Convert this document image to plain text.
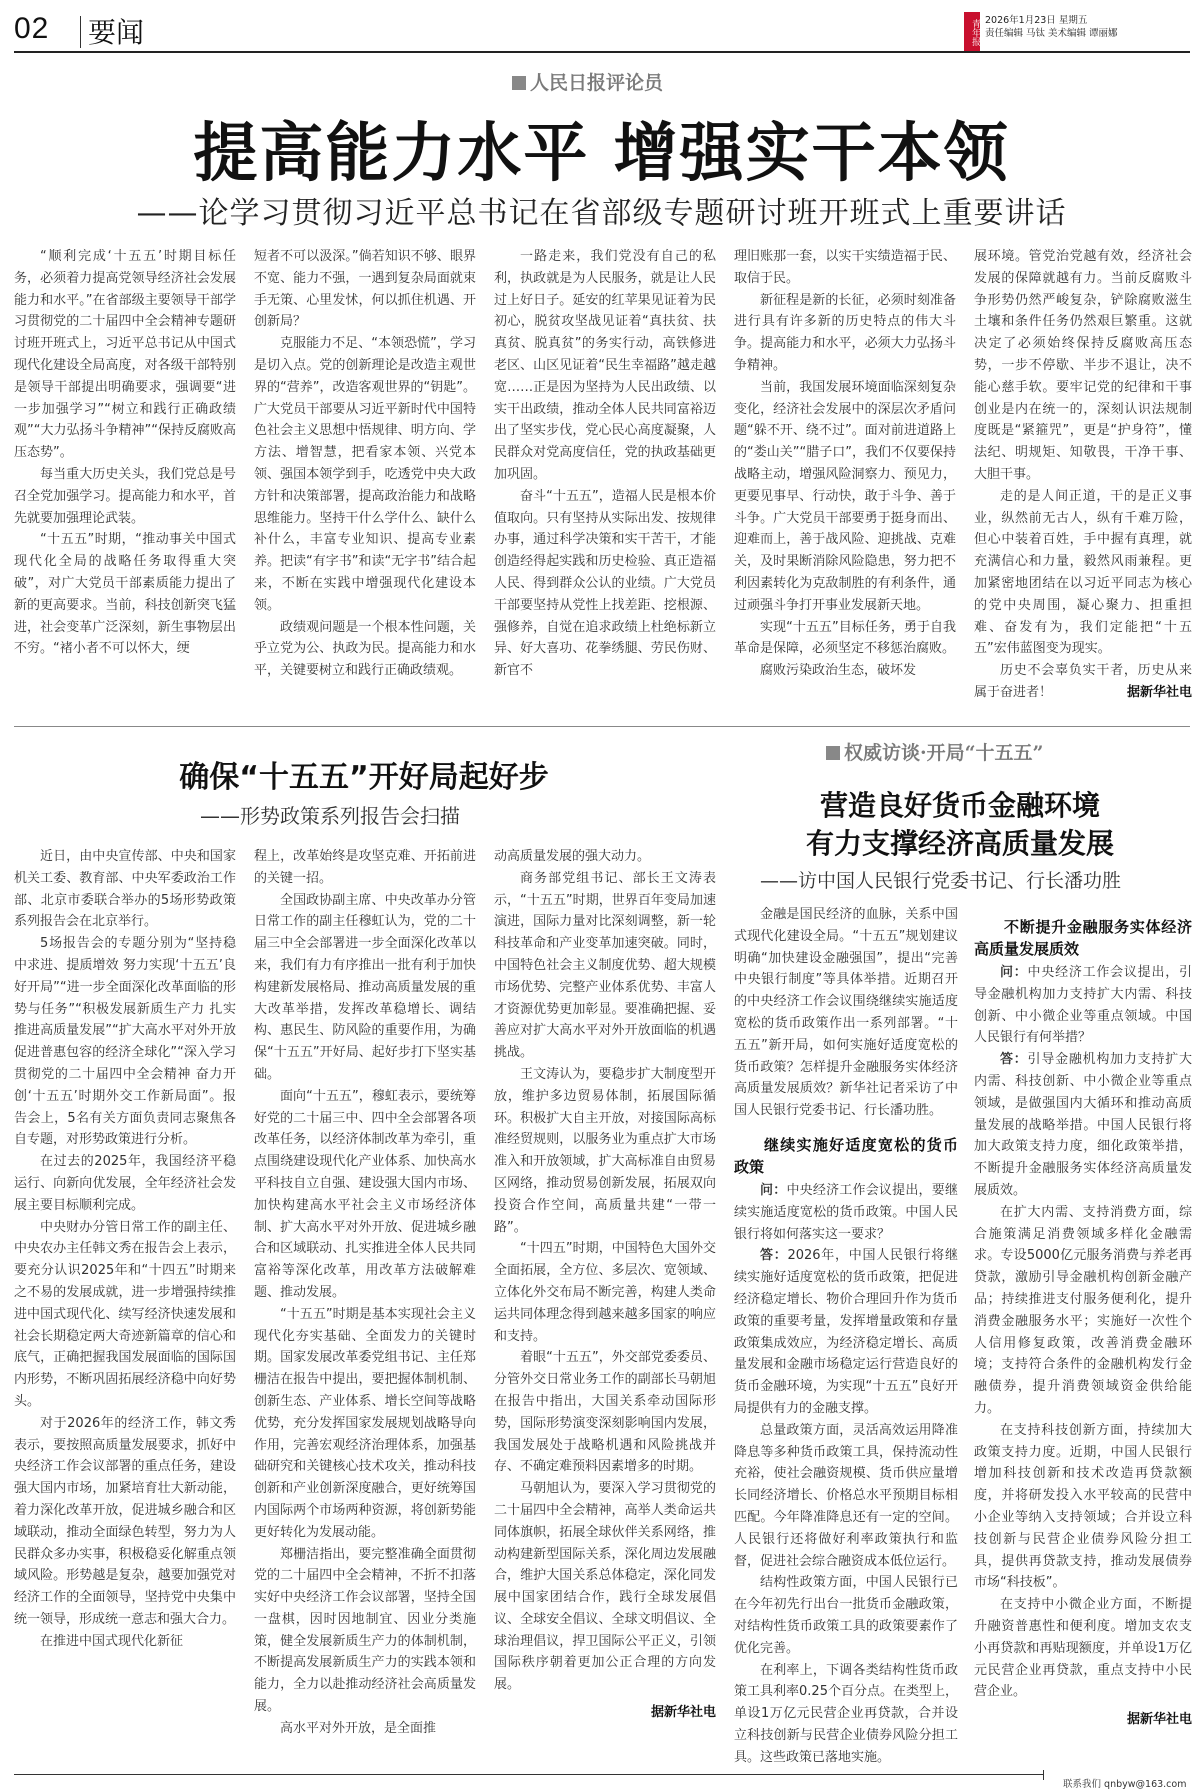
02 要闻	青年报 2026年1月23日 星期五
责任编辑 马钛 美术编辑 谭丽娜
人民日报评论员
提高能力水平 增强实干本领
——论学习贯彻习近平总书记在省部级专题研讨班开班式上重要讲话

“顺利完成‘十五五’时期目标任务，必须着力提高党领导经济社会发展能力和水平。”在省部级主要领导干部学习贯彻党的二十届四中全会精神专题研讨班开班式上，习近平总书记从中国式现代化建设全局高度，对各级干部特别是领导干部提出明确要求，强调要“进一步加强学习”“树立和践行正确政绩观”“大力弘扬斗争精神”“保持反腐败高压态势”。

每当重大历史关头，我们党总是号召全党加强学习。提高能力和水平，首先就要加强理论武装。

“十五五”时期，“推动事关中国式现代化全局的战略任务取得重大突破”，对广大党员干部素质能力提出了新的更高要求。当前，科技创新突飞猛进，社会变革广泛深刻，新生事物层出不穷。“褚小者不可以怀大，绠

短者不可以汲深。”倘若知识不够、眼界不宽、能力不强，一遇到复杂局面就束手无策、心里发怵，何以抓住机遇、开创新局？

克服能力不足、“本领恐慌”，学习是切入点。党的创新理论是改造主观世界的“营养”，改造客观世界的“钥匙”。广大党员干部要从习近平新时代中国特色社会主义思想中悟规律、明方向、学方法、增智慧，把看家本领、兴党本领、强国本领学到手，吃透党中央大政方针和决策部署，提高政治能力和战略思维能力。坚持干什么学什么、缺什么补什么，丰富专业知识、提高专业素养。把读“有字书”和读“无字书”结合起来，不断在实践中增强现代化建设本领。

政绩观问题是一个根本性问题，关乎立党为公、执政为民。提高能力和水平，关键要树立和践行正确政绩观。

一路走来，我们党没有自己的私利，执政就是为人民服务，就是让人民过上好日子。延安的红苹果见证着为民初心，脱贫攻坚战见证着“真扶贫、扶真贫、脱真贫”的务实行动，高铁修进老区、山区见证着“民生幸福路”越走越宽……正是因为坚持为人民出政绩、以实干出政绩，推动全体人民共同富裕迈出了坚实步伐，党心民心高度凝聚，人民群众对党高度信任，党的执政基础更加巩固。

奋斗“十五五”，造福人民是根本价值取向。只有坚持从实际出发、按规律办事，通过科学决策和实干苦干，才能创造经得起实践和历史检验、真正造福人民、得到群众公认的业绩。广大党员干部要坚持从党性上找差距、挖根源、强修养，自觉在追求政绩上杜绝标新立异、好大喜功、花拳绣腿、劳民伤财、新官不

理旧账那一套，以实干实绩造福于民、取信于民。

新征程是新的长征，必须时刻准备进行具有许多新的历史特点的伟大斗争。提高能力和水平，必须大力弘扬斗争精神。

当前，我国发展环境面临深刻复杂变化，经济社会发展中的深层次矛盾问题“躲不开、绕不过”。面对前进道路上的“娄山关”“腊子口”，我们不仅要保持战略主动，增强风险洞察力、预见力，更要见事早、行动快，敢于斗争、善于斗争。广大党员干部要勇于挺身而出、迎难而上，善于战风险、迎挑战、克难关，及时果断消除风险隐患，努力把不利因素转化为克敌制胜的有利条件，通过顽强斗争打开事业发展新天地。

实现“十五五”目标任务，勇于自我革命是保障，必须坚定不移惩治腐败。

腐败污染政治生态，破坏发

展环境。管党治党越有效，经济社会发展的保障就越有力。当前反腐败斗争形势仍然严峻复杂，铲除腐败滋生土壤和条件任务仍然艰巨繁重。这就决定了必须始终保持反腐败高压态势，一步不停歇、半步不退让，决不能心慈手软。要牢记党的纪律和干事创业是内在统一的，深刻认识法规制度既是“紧箍咒”，更是“护身符”，懂法纪、明规矩、知敬畏，干净干事、大胆干事。

走的是人间正道，干的是正义事业，纵然前无古人，纵有千难万险，但心中装着百姓，手中握有真理，就充满信心和力量，毅然风雨兼程。更加紧密地团结在以习近平同志为核心的党中央周围，凝心聚力、担重担难、奋发有为，我们定能把“十五五”宏伟蓝图变为现实。

历史不会辜负实干者，历史从来属于奋进者！	据新华社电

确保“十五五”开好局起好步
——形势政策系列报告会扫描

近日，由中央宣传部、中央和国家机关工委、教育部、中央军委政治工作部、北京市委联合举办的5场形势政策系列报告会在北京举行。

5场报告会的专题分别为“坚持稳中求进、提质增效 努力实现‘十五五’良好开局”“进一步全面深化改革面临的形势与任务”“积极发展新质生产力 扎实推进高质量发展”“扩大高水平对外开放 促进普惠包容的经济全球化”“深入学习贯彻党的二十届四中全会精神 奋力开创‘十五五’时期外交工作新局面”。报告会上，5名有关方面负责同志聚焦各自专题，对形势政策进行分析。

在过去的2025年，我国经济平稳运行、向新向优发展，全年经济社会发展主要目标顺利完成。

中央财办分管日常工作的副主任、中央农办主任韩文秀在报告会上表示，要充分认识2025年和“十四五”时期来之不易的发展成就，进一步增强持续推进中国式现代化、续写经济快速发展和社会长期稳定两大奇迹新篇章的信心和底气，正确把握我国发展面临的国际国内形势，不断巩固拓展经济稳中向好势头。

对于2026年的经济工作，韩文秀表示，要按照高质量发展要求，抓好中央经济工作会议部署的重点任务，建设强大国内市场，加紧培育壮大新动能，着力深化改革开放，促进城乡融合和区域联动，推动全面绿色转型，努力为人民群众多办实事，积极稳妥化解重点领域风险。形势越是复杂，越要加强党对经济工作的全面领导，坚持党中央集中统一领导，形成统一意志和强大合力。

在推进中国式现代化新征

程上，改革始终是攻坚克难、开拓前进的关键一招。

全国政协副主席、中央改革办分管日常工作的副主任穆虹认为，党的二十届三中全会部署进一步全面深化改革以来，我们有力有序推出一批有利于加快构建新发展格局、推动高质量发展的重大改革举措，发挥改革稳增长、调结构、惠民生、防风险的重要作用，为确保“十五五”开好局、起好步打下坚实基础。

面向“十五五”，穆虹表示，要统筹好党的二十届三中、四中全会部署各项改革任务，以经济体制改革为牵引，重点围绕建设现代化产业体系、加快高水平科技自立自强、建设强大国内市场、加快构建高水平社会主义市场经济体制、扩大高水平对外开放、促进城乡融合和区域联动、扎实推进全体人民共同富裕等深化改革，用改革方法破解难题、推动发展。

“十五五”时期是基本实现社会主义现代化夯实基础、全面发力的关键时期。国家发展改革委党组书记、主任郑栅洁在报告中提出，要把握体制机制、创新生态、产业体系、增长空间等战略优势，充分发挥国家发展规划战略导向作用，完善宏观经济治理体系，加强基础研究和关键核心技术攻关，推动科技创新和产业创新深度融合，更好统筹国内国际两个市场两种资源，将创新势能更好转化为发展动能。

郑栅洁指出，要完整准确全面贯彻党的二十届四中全会精神，不折不扣落实好中央经济工作会议部署，坚持全国一盘棋，因时因地制宜、因业分类施策，健全发展新质生产力的体制机制，不断提高发展新质生产力的实践本领和能力，全力以赴推动经济社会高质量发展。

高水平对外开放，是全面推

动高质量发展的强大动力。

商务部党组书记、部长王文涛表示，“十五五”时期，世界百年变局加速演进，国际力量对比深刻调整，新一轮科技革命和产业变革加速突破。同时，中国特色社会主义制度优势、超大规模市场优势、完整产业体系优势、丰富人才资源优势更加彰显。要准确把握、妥善应对扩大高水平对外开放面临的机遇挑战。

王文涛认为，要稳步扩大制度型开放，维护多边贸易体制，拓展国际循环。积极扩大自主开放，对接国际高标准经贸规则，以服务业为重点扩大市场准入和开放领域，扩大高标准自由贸易区网络，推动贸易创新发展，拓展双向投资合作空间，高质量共建“一带一路”。

“十四五”时期，中国特色大国外交全面拓展，全方位、多层次、宽领域、立体化外交布局不断完善，构建人类命运共同体理念得到越来越多国家的响应和支持。

着眼“十五五”，外交部党委委员、分管外交日常业务工作的副部长马朝旭在报告中指出，大国关系牵动国际形势，国际形势演变深刻影响国内发展，我国发展处于战略机遇和风险挑战并存、不确定难预料因素增多的时期。

马朝旭认为，要深入学习贯彻党的二十届四中全会精神，高举人类命运共同体旗帜，拓展全球伙伴关系网络，推动构建新型国际关系，深化周边发展融合，维护大国关系总体稳定，深化同发展中国家团结合作，践行全球发展倡议、全球安全倡议、全球文明倡议、全球治理倡议，捍卫国际公平正义，引领国际秩序朝着更加公正合理的方向发展。

据新华社电
权威访谈·开局“十五五”
营造良好货币金融环境
有力支撑经济高质量发展
——访中国人民银行党委书记、行长潘功胜

金融是国民经济的血脉，关系中国式现代化建设全局。“十五五”规划建议明确“加快建设金融强国”，提出“完善中央银行制度”等具体举措。近期召开的中央经济工作会议围绕继续实施适度宽松的货币政策作出一系列部署。“十五五”新开局，如何实施好适度宽松的货币政策？怎样提升金融服务实体经济高质量发展质效？新华社记者采访了中国人民银行党委书记、行长潘功胜。

继续实施好适度宽松的货币政策

问：中央经济工作会议提出，要继续实施适度宽松的货币政策。中国人民银行将如何落实这一要求？

答：2026年，中国人民银行将继续实施好适度宽松的货币政策，把促进经济稳定增长、物价合理回升作为货币政策的重要考量，发挥增量政策和存量政策集成效应，为经济稳定增长、高质量发展和金融市场稳定运行营造良好的货币金融环境，为实现“十五五”良好开局提供有力的金融支撑。

总量政策方面，灵活高效运用降准降息等多种货币政策工具，保持流动性充裕，使社会融资规模、货币供应量增长同经济增长、价格总水平预期目标相匹配。今年降准降息还有一定的空间。人民银行还将做好利率政策执行和监督，促进社会综合融资成本低位运行。

结构性政策方面，中国人民银行已在今年初先行出台一批货币金融政策，对结构性货币政策工具的政策要素作了优化完善。

在利率上，下调各类结构性货币政策工具利率0.25个百分点。在类型上，单设1万亿元民营企业再贷款，合并设立科技创新与民营企业债券风险分担工具。这些政策已落地实施。

不断提升金融服务实体经济高质量发展质效

问：中央经济工作会议提出，引导金融机构加力支持扩大内需、科技创新、中小微企业等重点领域。中国人民银行有何举措？

答：引导金融机构加力支持扩大内需、科技创新、中小微企业等重点领域，是做强国内大循环和推动高质量发展的战略举措。中国人民银行将加大政策支持力度，细化政策举措，不断提升金融服务实体经济高质量发展质效。

在扩大内需、支持消费方面，综合施策满足消费领域多样化金融需求。专设5000亿元服务消费与养老再贷款，激励引导金融机构创新金融产品；持续推进支付服务便利化，提升消费金融服务水平；实施好一次性个人信用修复政策，改善消费金融环境；支持符合条件的金融机构发行金融债券，提升消费领域资金供给能力。

在支持科技创新方面，持续加大政策支持力度。近期，中国人民银行增加科技创新和技术改造再贷款额度，并将研发投入水平较高的民营中小企业等纳入支持领域；合并设立科技创新与民营企业债券风险分担工具，提供再贷款支持，推动发展债券市场“科技板”。

在支持中小微企业方面，不断提升融资普惠性和便利度。增加支农支小再贷款和再贴现额度，并单设1万亿元民营企业再贷款，重点支持中小民营企业。

据新华社电
联系我们 qnbyw@163.com
